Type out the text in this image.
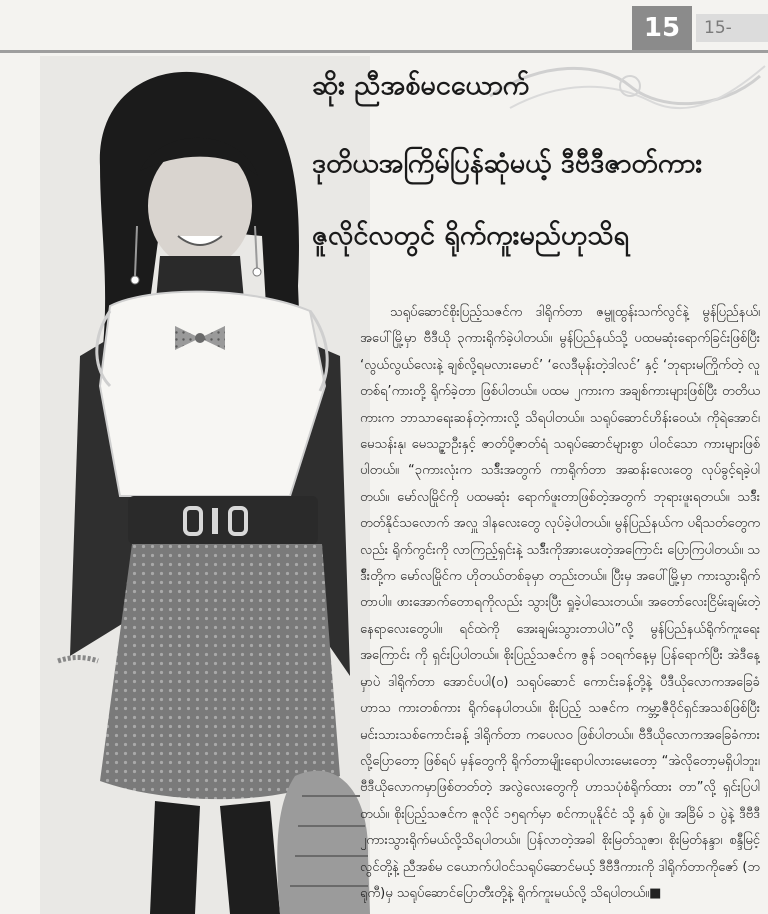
15	15-
ဆိုး ညီအစ်မငယောက်
ဒုတိယအကြိမ်ပြန်ဆုံမယ့် ဒီဗီဒီဇာတ်ကား
ဇူလိုင်လတွင် ရိုက်ကူးမည်ဟုသိရ

သရုပ်ဆောင်စိုးပြည့်သဇင်က ဒါရိုက်တာ ဇမ္ဗူထွန်းသက်လွင်နဲ့ မွန်ပြည်နယ်၊ အပေါ်မြို့မှာ ဗီဒီယို ၃ကားရိုက်ခဲ့ပါတယ်။ မွန်ပြည်နယ်သို့ ပထမဆုံးရောက်ခြင်းဖြစ်ပြီး ‘လွယ်လွယ်လေးနဲ့ ချစ်လို့ရမလားမောင်’ ‘လေဒီမုန်းတဲ့ဒါလင်’ နှင့် ‘ဘုရားမကြိုက်တဲ့ လူတစ်ရ’ကားတို့ ရိုက်ခဲ့တာ ဖြစ်ပါတယ်။ ပထမ ၂ကားက အချစ်ကားများဖြစ်ပြီး တတိယကားက ဘာသာရေးဆန်တဲ့ကားလို့ သိရပါတယ်။ သရုပ်ဆောင်ဟိန်းဝေယံ၊ ကိုရဲအောင်၊ မေသန်းနု၊ မေသဥ္ဇာဦးနှင့် ဇာတ်ပို့ဇာတ်ရံ သရုပ်ဆောင်များစွာ ပါဝင်သော ကားများဖြစ်ပါတယ်။ “၃ကားလုံးက သဒ်ီးအတွက် ကာရိုက်တာ အဆန်းလေးတွေ လုပ်ခွင့်ရခဲ့ပါတယ်။ မော်လမြိုင်ကို ပထမဆုံး ရောက်ဖူးတာဖြစ်တဲ့အတွက် ဘုရားဖူးရတယ်။ သဒ်ီးတတ်နိုင်သလောက် အလှူ ဒါနလေးတွေ လုပ်ခဲ့ပါတယ်။ မွန်ပြည်နယ်က ပရိသတ်တွေက လည်း ရိုက်ကွင်းကို လာကြည့်ရှင်းနဲ့ သဒ်ီးကိုအားပေးတဲ့အကြောင်း ပြောကြပါတယ်။ သဒ်ီးတို့က မော်လမြိုင်က ဟိုတယ်တစ်ခုမှာ တည်းတယ်။ ပြီးမှ အပေါ်မြို့မှာ ကားသွားရိုက်တာပါ။ ဖားအောက်တောရကိုလည်း သွားပြီး ရှုခဲ့ပါသေးတယ်။ အတော်လေးငြိမ်းချမ်းတဲ့ နေရာလေးတွေပါ။ ရင်ထဲကို အေးချမ်းသွားတာပါပဲ”လို့ မွန်ပြည်နယ်ရိုက်ကူးရေးအကြောင်း ကို ရှင်းပြပါတယ်။ စိုးပြည့်သဇင်က ဇွန် ၁၀ရက်နေ့မှ ပြန်ရောက်ပြီး အဲဒီနေ့မှာပဲ ဒါရိုက်တာ အောင်ပပါ(ဝ) သရုပ်ဆောင် ကောင်းခန့်တို့နဲ့ ပီဒီယိုလောကအခြေခံဟာသ ကားတစ်ကား ရိုက်နေပါတယ်။ စိုးပြည့် သဇင်က ကမ္ဘာ့ဇီဝိုင်ရှင်အသစ်ဖြစ်ပြီး မင်းသားသစ်ကောင်းခန့် ဒါရိုက်တာ ကပေလဝ ဖြစ်ပါတယ်။ ဗီဒီယိုလောကအခြေခံကားလို့ပြောတော့ ဖြစ်ရပ် မှန်တွေကို ရိုက်တာမျိုးရောပါလားမေးတော့ “အဲလိုတော့မရှိပါဘူး၊ ဗီဒီယိုလောကမှာဖြစ်တတ်တဲ့ အလွဲလေးတွေကို ဟာသပုံစံရိုက်ထား တာ”လို့ ရှင်းပြပါတယ်။ စိုးပြည့်သဇင်က ဇူလိုင် ၁၅ရက်မှာ စင်ကာပူနိုင်ငံ သို့ နှစ် ပွဲ။ အခြိမ် ၁ ပွဲနဲ့ ဒီဗီဒီ ၂ကားသွားရိုက်မယ်လို့သိရပါတယ်။ ပြန်လာတဲ့အခါ စိုးမြတ်သူဇာ၊ စိုးမြတ်နန္ဒာ၊ စန္ဒီမြင့်လွင်တို့နဲ့ ညီအစ်မ ငယောက်ပါဝင်သရုပ်ဆောင်မယ့် ဒီဗီဒီကားကို ဒါရိုက်တာကိုဇော် (ဘရုကီ)မှ သရုပ်ဆောင်ပြောတီးတို့နဲ့ ရိုက်ကူးမယ်လို့ သိရပါတယ်။■
